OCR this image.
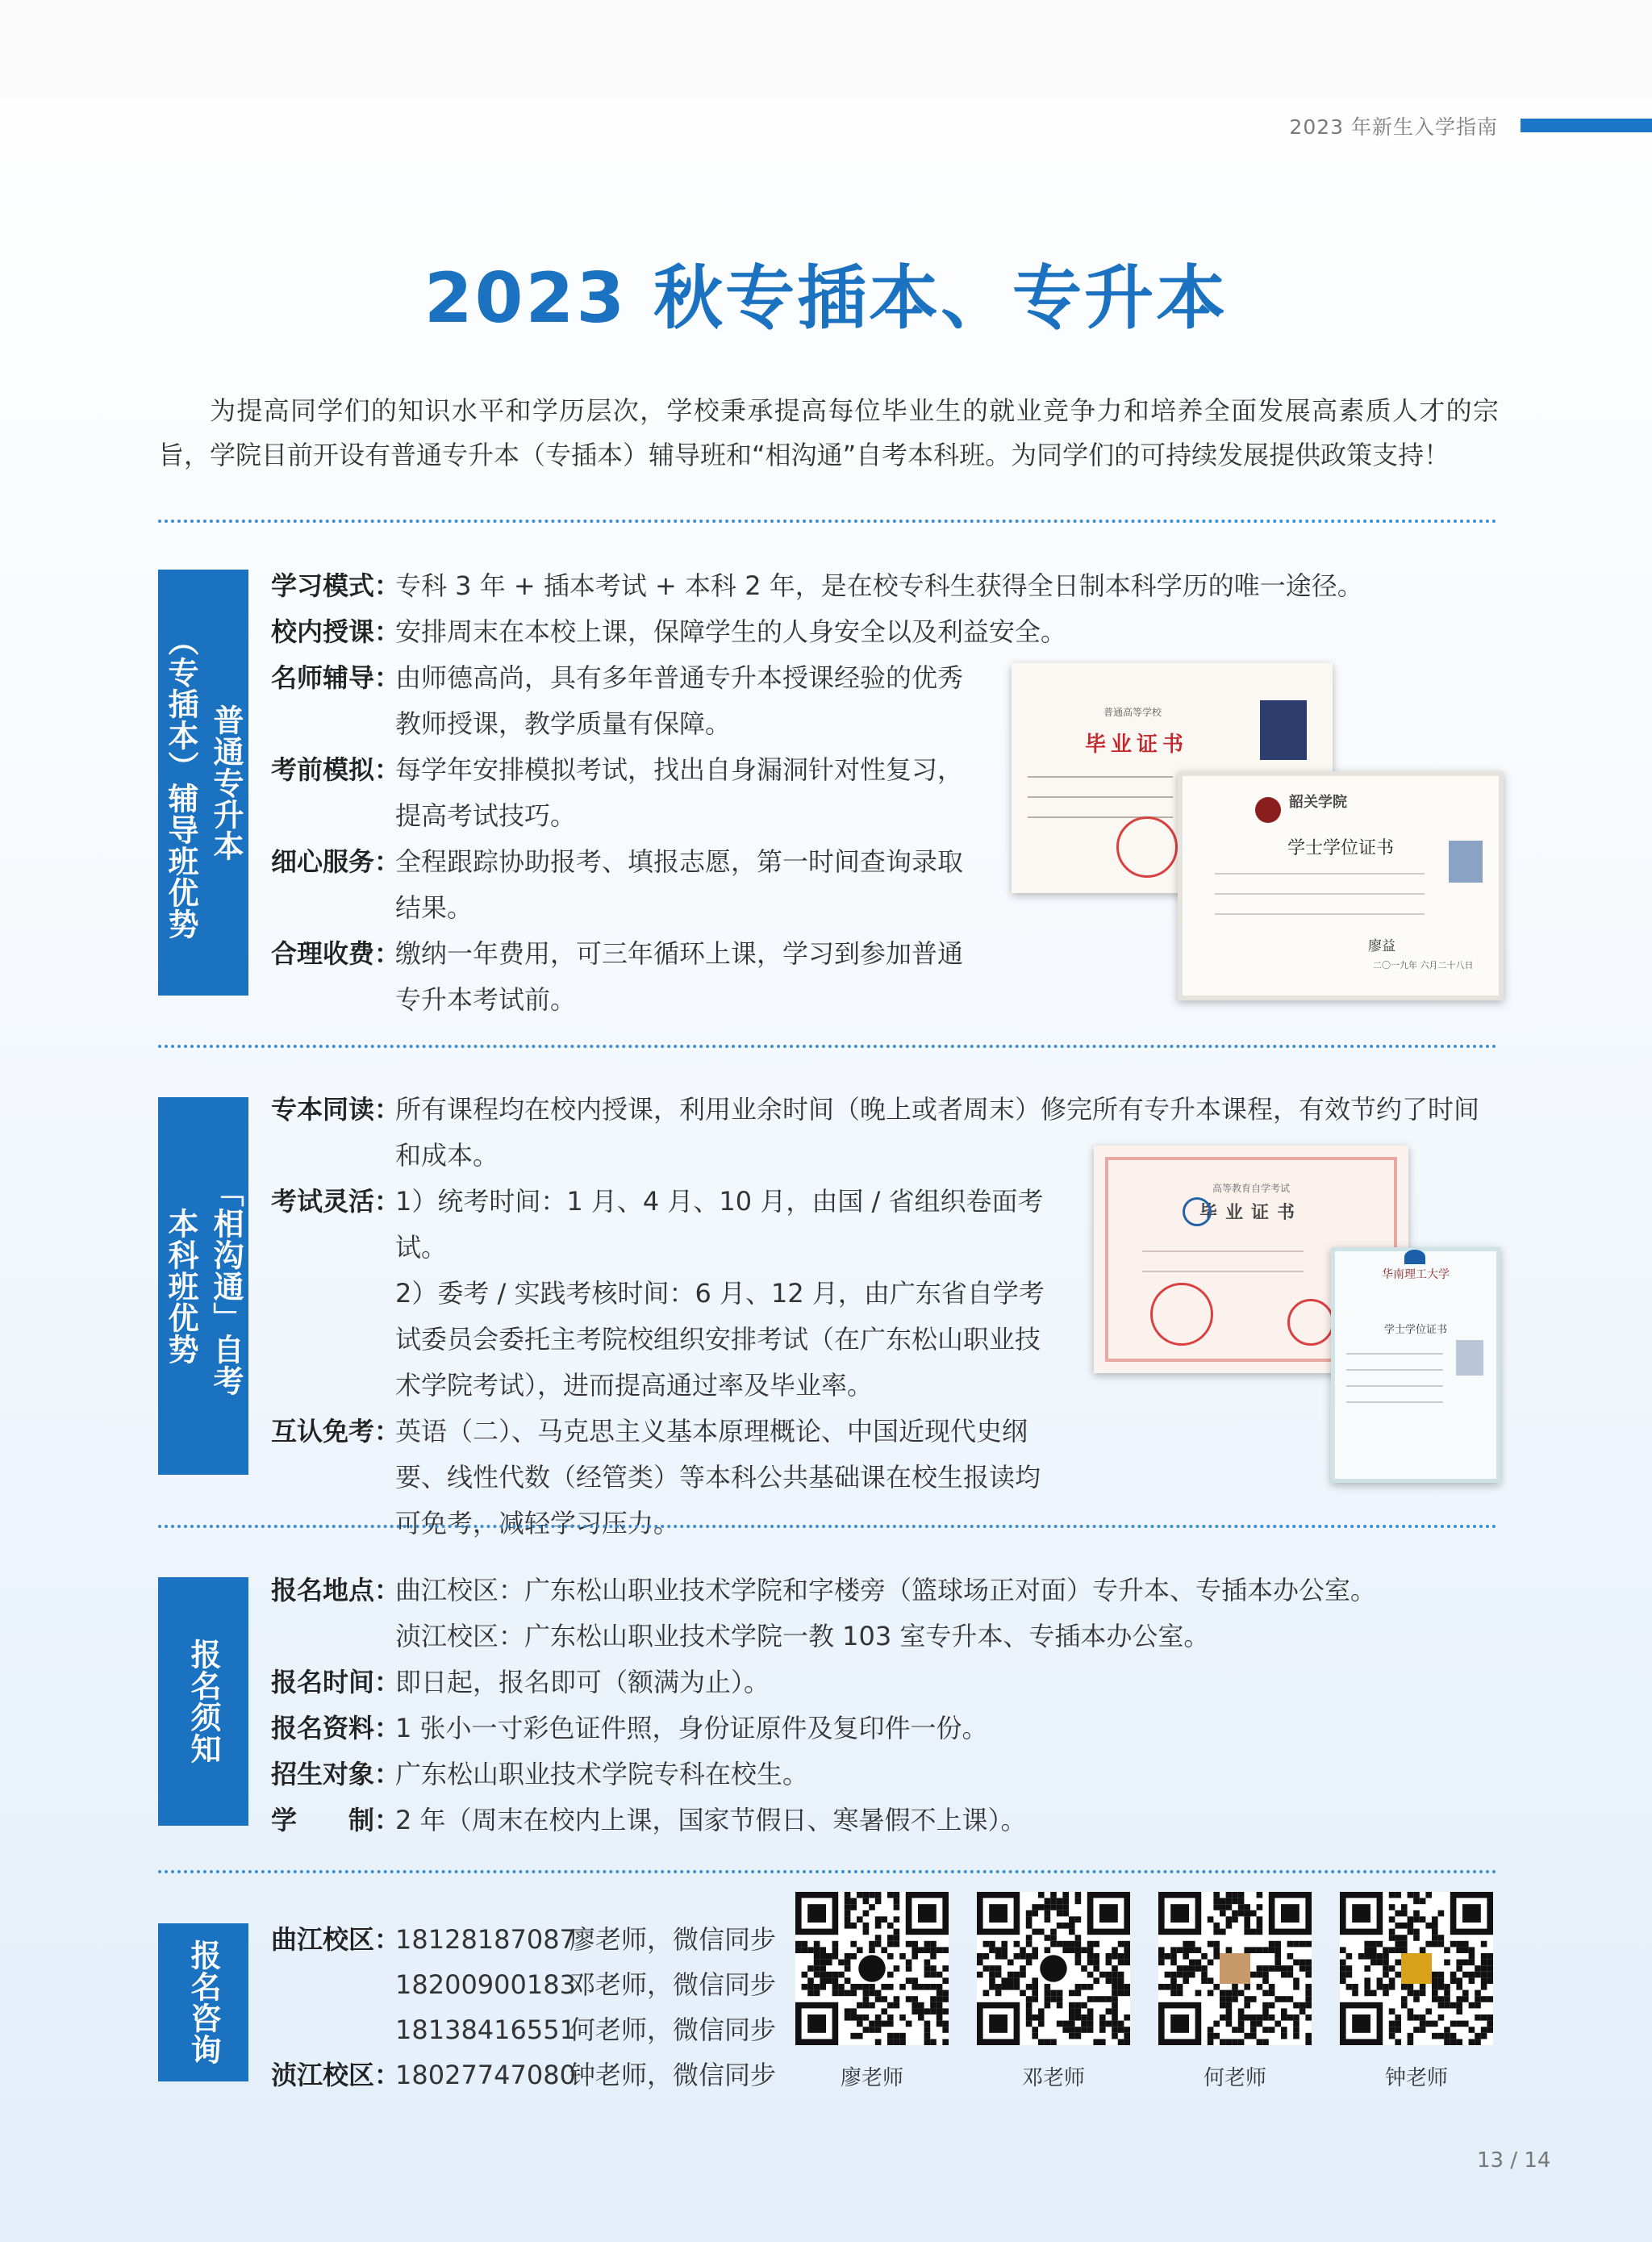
2023 年新生入学指南
2023 秋专插本、专升本
为提高同学们的知识水平和学历层次，学校秉承提高每位毕业生的就业竞争力和培养全面发展高素质人才的宗旨，学院目前开设有普通专升本（专插本）辅导班和“相沟通”自考本科班。为同学们的可持续发展提供政策支持！
普通专升本
（专插本）辅导班优势
学习模式：
专科 3 年 + 插本考试 + 本科 2 年，是在校专科生获得全日制本科学历的唯一途径。
校内授课：
安排周末在本校上课，保障学生的人身安全以及利益安全。
名师辅导：
由师德高尚，具有多年普通专升本授课经验的优秀教师授课，教学质量有保障。
考前模拟：
每学年安排模拟考试，找出自身漏洞针对性复习，提高考试技巧。
细心服务：
全程跟踪协助报考、填报志愿，第一时间查询录取结果。
合理收费：
缴纳一年费用，可三年循环上课，学习到参加普通专升本考试前。
普通高等学校
毕业证书
韶关学院
学士学位证书
廖益
二〇一九年 六月二十八日
「相沟通」自考
本科班优势
专本同读：
所有课程均在校内授课，利用业余时间（晚上或者周末）修完所有专升本课程，有效节约了时间和成本。
考试灵活：
1）统考时间：1 月、4 月、10 月，由国 / 省组织卷面考试。
2）委考 / 实践考核时间：6 月、12 月，由广东省自学考试委员会委托主考院校组织安排考试（在广东松山职业技术学院考试），进而提高通过率及毕业率。
互认免考：
英语（二）、马克思主义基本原理概论、中国近现代史纲要、线性代数（经管类）等本科公共基础课在校生报读均可免考，减轻学习压力。
高等教育自学考试
毕业证书
华南理工大学
学士学位证书
报名须知
报名地点：
曲江校区：广东松山职业技术学院和字楼旁（篮球场正对面）专升本、专插本办公室。
浈江校区：广东松山职业技术学院一教 103 室专升本、专插本办公室。
报名时间：
即日起，报名即可（额满为止）。
报名资料：
1 张小一寸彩色证件照，身份证原件及复印件一份。
招生对象：
广东松山职业技术学院专科在校生。
学　　制：
2 年（周末在校内上课，国家节假日、寒暑假不上课）。
报名咨询 曲江校区：
18128187087
廖老师，微信同步
18200900183
邓老师，微信同步
18138416551
何老师，微信同步
浈江校区：
18027747080
钟老师，微信同步	廖老师	邓老师	何老师	钟老师
13 / 14
